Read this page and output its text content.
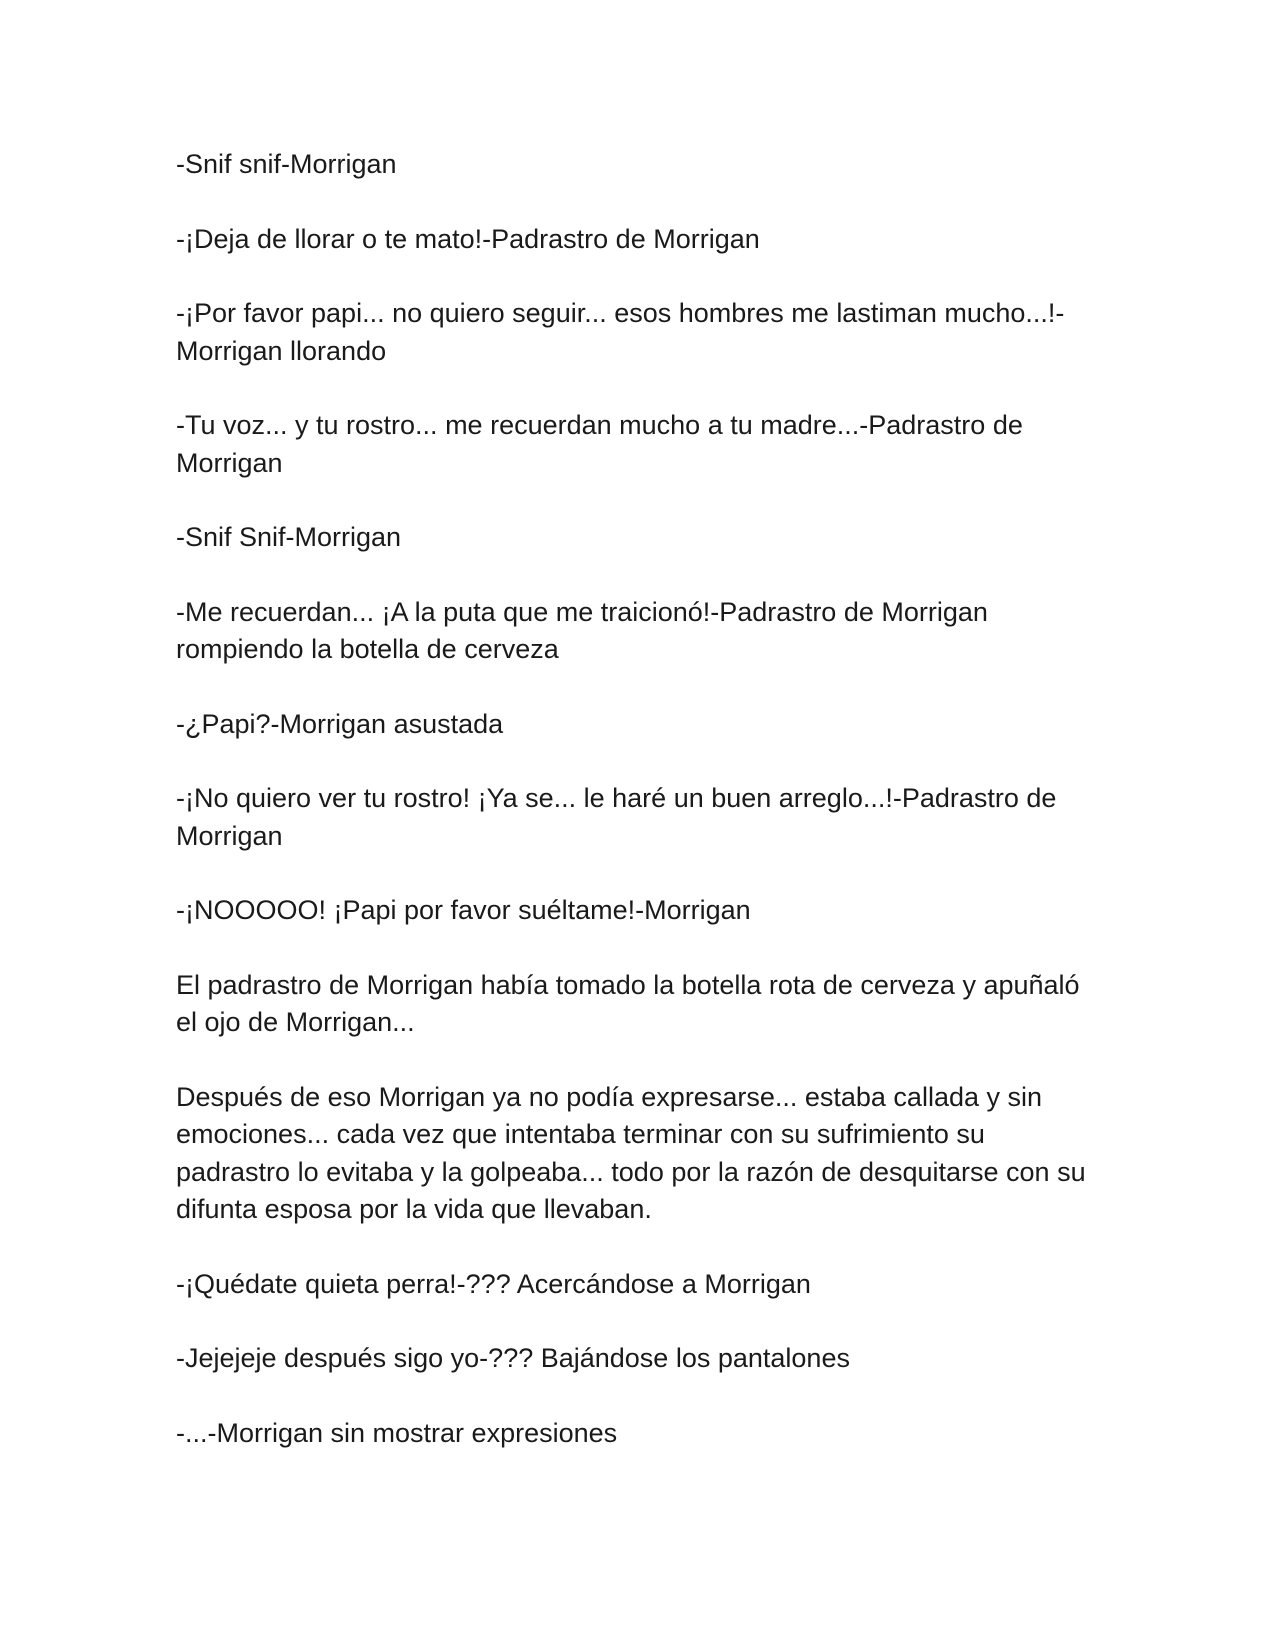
-Snif snif-Morrigan

-¡Deja de llorar o te mato!-Padrastro de Morrigan

-¡Por favor papi... no quiero seguir... esos hombres me lastiman mucho...!-Morrigan llorando

-Tu voz... y tu rostro... me recuerdan mucho a tu madre...-Padrastro de Morrigan

-Snif Snif-Morrigan

-Me recuerdan... ¡A la puta que me traicionó!-Padrastro de Morrigan rompiendo la botella de cerveza

-¿Papi?-Morrigan asustada

-¡No quiero ver tu rostro! ¡Ya se... le haré un buen arreglo...!-Padrastro de Morrigan

-¡NOOOOO! ¡Papi por favor suéltame!-Morrigan

El padrastro de Morrigan había tomado la botella rota de cerveza y apuñaló el ojo de Morrigan...

Después de eso Morrigan ya no podía expresarse... estaba callada y sin emociones... cada vez que intentaba terminar con su sufrimiento su padrastro lo evitaba y la golpeaba... todo por la razón de desquitarse con su difunta esposa por la vida que llevaban.

-¡Quédate quieta perra!-??? Acercándose a Morrigan

-Jejejeje después sigo yo-??? Bajándose los pantalones

-...-Morrigan sin mostrar expresiones
